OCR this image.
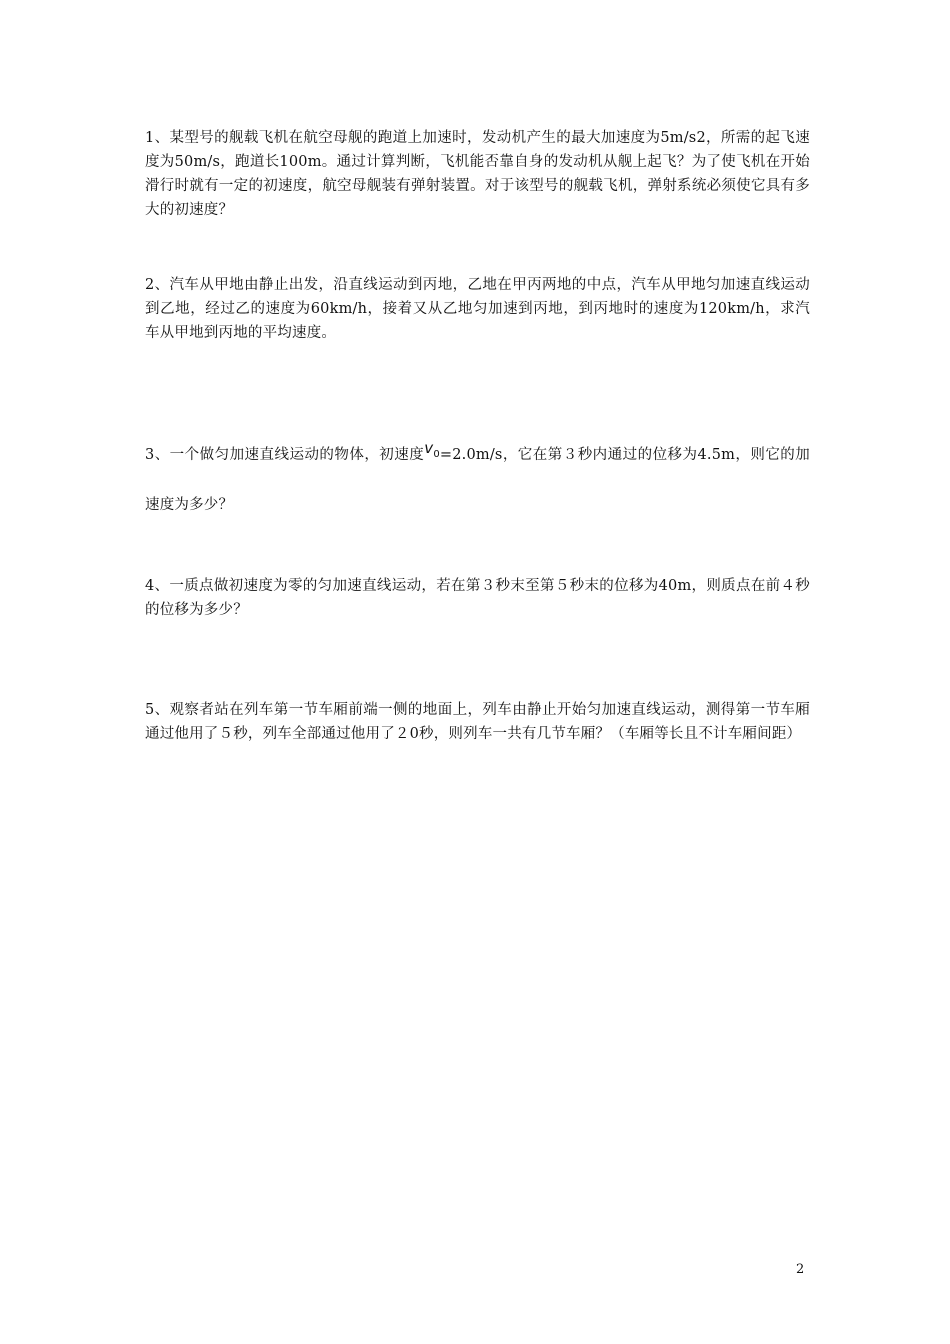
1、某型号的舰载飞机在航空母舰的跑道上加速时，发动机产生的最大加速度为5m/s2，所需的起飞速度为50m/s，跑道长100m。通过计算判断，飞机能否靠自身的发动机从舰上起飞？为了使飞机在开始滑行时就有一定的初速度，航空母舰装有弹射装置。对于该型号的舰载飞机，弹射系统必须使它具有多大的初速度？
2、汽车从甲地由静止出发，沿直线运动到丙地，乙地在甲丙两地的中点，汽车从甲地匀加速直线运动到乙地，经过乙的速度为60km/h，接着又从乙地匀加速到丙地，到丙地时的速度为120km/h，求汽车从甲地到丙地的平均速度。
3、一个做匀加速直线运动的物体，初速度$v_0=2.0m/s$，它在第３秒内通过的位移为4.5m，则它的加速度为多少？
4、一质点做初速度为零的匀加速直线运动，若在第３秒末至第５秒末的位移为40m，则质点在前４秒的位移为多少？
5、观察者站在列车第一节车厢前端一侧的地面上，列车由静止开始匀加速直线运动，测得第一节车厢通过他用了５秒，列车全部通过他用了２0秒，则列车一共有几节车厢？（车厢等长且不计车厢间距）
2
